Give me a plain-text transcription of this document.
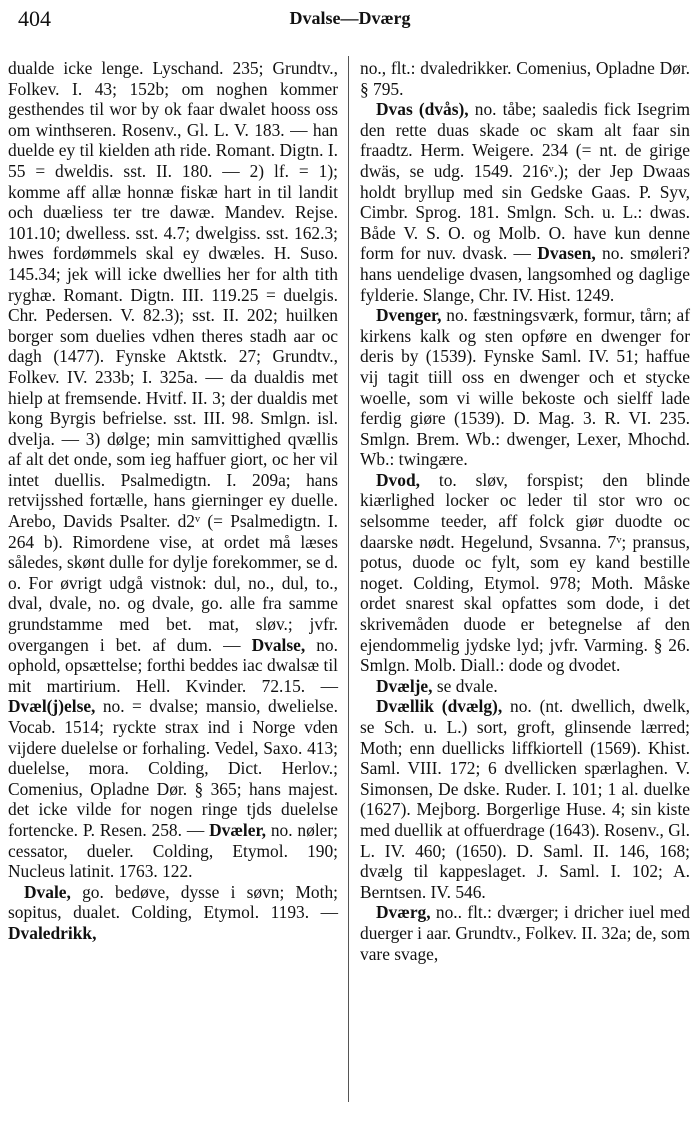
404	Dvalse—Dværg

dualde icke lenge. Lyschand. 235; Grundtv., Folkev. I. 43; 152b; om noghen kommer gesthendes til wor by ok faar dwalet hooss oss om winthseren. Rosenv., Gl. L. V. 183. — han duelde ey til kielden ath ride. Romant. Digtn. I. 55 = dweldis. sst. II. 180. — 2) lf. = 1); komme aff allæ honnæ fiskæ hart in til landit och duæliess ter tre dawæ. Mandev. Rejse. 101.10; dwelless. sst. 4.7; dwelgiss. sst. 162.3; hwes fordømmels skal ey dwæles. H. Suso. 145.34; jek will icke dwellies her for alth tith ryghæ. Romant. Digtn. III. 119.25 = duelgis. Chr. Pedersen. V. 82.3); sst. II. 202; huilken borger som duelies vdhen theres stadh aar oc dagh (1477). Fynske Aktstk. 27; Grundtv., Folkev. IV. 233b; I. 325a. — da dualdis met hielp at fremsende. Hvitf. II. 3; der dualdis met kong Byrgis befrielse. sst. III. 98. Smlgn. isl. dvelja. — 3) dølge; min samvittighed qvællis af alt det onde, som ieg haffuer giort, oc her vil intet duellis. Psalmedigtn. I. 209a; hans retvijsshed fortælle, hans gierninger ey duelle. Arebo, Davids Psalter. d2ᵛ (= Psalmedigtn. I. 264 b). Rimordene vise, at ordet må læses således, skønt dulle for dylje forekommer, se d. o. For øvrigt udgå vistnok: dul, no., dul, to., dval, dvale, no. og dvale, go. alle fra samme grundstamme med bet. mat, sløv.; jvfr. overgangen i bet. af dum. — Dvalse, no. ophold, opsættelse; forthi beddes iac dwalsæ til mit martirium. Hell. Kvinder. 72.15. — Dvæl(j)else, no. = dvalse; mansio, dwelielse. Vocab. 1514; ryckte strax ind i Norge vden vijdere duelelse or forhaling. Vedel, Saxo. 413; duelelse, mora. Colding, Dict. Herlov.; Comenius, Opladne Dør. § 365; hans majest. det icke vilde for nogen ringe tjds duelelse fortencke. P. Resen. 258. — Dvæler, no. nøler; cessator, dueler. Colding, Etymol. 190; Nucleus latinit. 1763. 122.

Dvale, go. bedøve, dysse i søvn; Moth; sopitus, dualet. Colding, Etymol. 1193. — Dvaledrikk,

no., flt.: dvaledrikker. Comenius, Opladne Dør. § 795.

Dvas (dvås), no. tåbe; saaledis fick Isegrim den rette duas skade oc skam alt faar sin fraadtz. Herm. Weigere. 234 (= nt. de girige dwäs, se udg. 1549. 216ᵛ.); der Jep Dwaas holdt bryllup med sin Gedske Gaas. P. Syv, Cimbr. Sprog. 181. Smlgn. Sch. u. L.: dwas. Både V. S. O. og Molb. O. have kun denne form for nuv. dvask. — Dvasen, no. smøleri? hans uendelige dvasen, langsomhed og dagligе fylderie. Slange, Chr. IV. Hist. 1249.

Dvenger, no. fæstningsværk, formur, tårn; af kirkens kalk og sten opføre en dwenger for deris by (1539). Fynske Saml. IV. 51; haffue vij tagit tiill oss en dwenger och et stycke woelle, som vi wille bekoste och sielff lade ferdig giøre (1539). D. Mag. 3. R. VI. 235. Smlgn. Brem. Wb.: dwenger, Lexer, Mhochd. Wb.: twingære.

Dvod, to. sløv, forspist; den blinde kiærlighed locker oc leder til stor wro oc selsomme teeder, aff folck giør duodte oc daarske nødt. Hegelund, Svsanna. 7ᵛ; pransus, potus, duode oc fylt, som ey kand bestille noget. Colding, Etymol. 978; Moth. Måske ordet snarest skal opfattes som dode, i det skrivemåden duode er betegnelse af den ejendommelig jydske lyd; jvfr. Varming. § 26. Smlgn. Molb. Diall.: dode og dvodet.

Dvælje, se dvale.

Dvællik (dvælg), no. (nt. dwellich, dwelk, se Sch. u. L.) sort, groft, glinsende lærred; Moth; enn duellicks liffkiortell (1569). Khist. Saml. VIII. 172; 6 dvellicken spærlaghen. V. Simonsen, De dske. Ruder. I. 101; 1 al. duelke (1627). Mejborg. Borgerlige Huse. 4; sin kiste med duellik at offuerdrage (1643). Rosenv., Gl. L. IV. 460; (1650). D. Saml. II. 146, 168; dvælg til kappeslaget. J. Saml. I. 102; A. Berntsen. IV. 546.

Dværg, no.. flt.: dværger; i dricher iuel med duerger i aar. Grundtv., Folkev. II. 32a; de, som vare svage,
